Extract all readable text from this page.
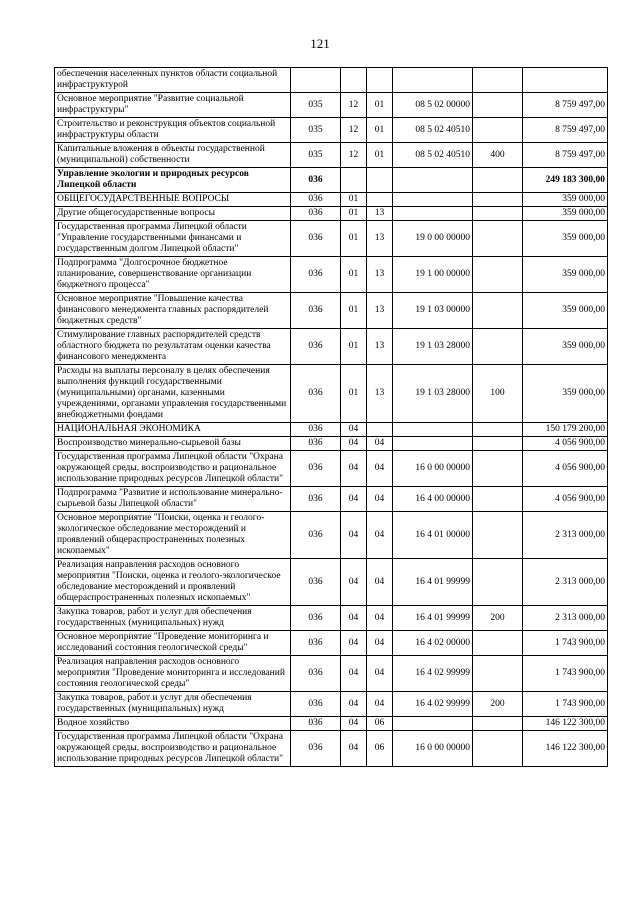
121
обеспечения населенных пунктов области социальной инфраструктурой						
Основное мероприятие "Развитие социальной инфраструктуры"	035	12	01	08 5 02 00000		8 759 497,00
Строительство и реконструкция объектов социальной инфраструктуры области	035	12	01	08 5 02 40510		8 759 497,00
Капитальные вложения в объекты государственной (муниципальной) собственности	035	12	01	08 5 02 40510	400	8 759 497,00
Управление экологии и природных ресурсов Липецкой области	036					249 183 300,00
ОБЩЕГОСУДАРСТВЕННЫЕ ВОПРОСЫ	036	01				359 000,00
Другие общегосударственные вопросы	036	01	13			359 000,00
Государственная программа Липецкой области "Управление государственными финансами и государственным долгом Липецкой области"	036	01	13	19 0 00 00000		359 000,00
Подпрограмма "Долгосрочное бюджетное планирование, совершенствование организации бюджетного процесса"	036	01	13	19 1 00 00000		359 000,00
Основное мероприятие "Повышение качества финансового менеджмента главных распорядителей бюджетных средств"	036	01	13	19 1 03 00000		359 000,00
Стимулирование главных распорядителей средств областного бюджета по результатам оценки качества финансового менеджмента	036	01	13	19 1 03 28000		359 000,00
Расходы на выплаты персоналу в целях обеспечения выполнения функций государственными (муниципальными) органами, казенными учреждениями, органами управления государственными внебюджетными фондами	036	01	13	19 1 03 28000	100	359 000,00
НАЦИОНАЛЬНАЯ ЭКОНОМИКА	036	04				150 179 200,00
Воспроизводство минерально-сырьевой базы	036	04	04			4 056 900,00
Государственная программа Липецкой области "Охрана окружающей среды, воспроизводство и рациональное использование природных ресурсов Липецкой области"	036	04	04	16 0 00 00000		4 056 900,00
Подпрограмма "Развитие и использование минерально-сырьевой базы Липецкой области"	036	04	04	16 4 00 00000		4 056 900,00
Основное мероприятие "Поиски, оценка и геолого-экологическое обследование месторождений и проявлений общераспространенных полезных ископаемых"	036	04	04	16 4 01 00000		2 313 000,00
Реализация направления расходов основного мероприятия "Поиски, оценка и геолого-экологическое обследование месторождений и проявлений общераспространенных полезных ископаемых"	036	04	04	16 4 01 99999		2 313 000,00
Закупка товаров, работ и услуг для обеспечения государственных (муниципальных) нужд	036	04	04	16 4 01 99999	200	2 313 000,00
Основное мероприятие "Проведение мониторинга и исследований состояния геологической среды"	036	04	04	16 4 02 00000		1 743 900,00
Реализация направления расходов основного мероприятия "Проведение мониторинга и исследований состояния геологической среды"	036	04	04	16 4 02 99999		1 743 900,00
Закупка товаров, работ и услуг для обеспечения государственных (муниципальных) нужд	036	04	04	16 4 02 99999	200	1 743 900,00
Водное хозяйство	036	04	06			146 122 300,00
Государственная программа Липецкой области "Охрана окружающей среды, воспроизводство и рациональное использование природных ресурсов Липецкой области"	036	04	06	16 0 00 00000		146 122 300,00
